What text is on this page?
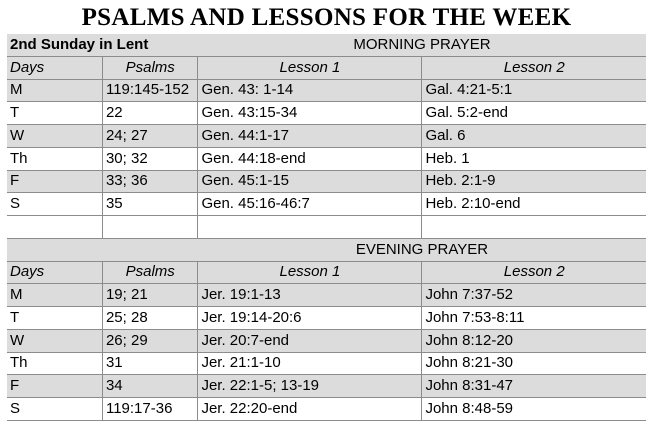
PSALMS AND LESSONS FOR THE WEEK
2nd Sunday in Lent		MORNING PRAYER	
Days	Psalms	Lesson 1	Lesson 2
M	119:145-152	Gen. 43: 1-14	Gal. 4:21-5:1
T	22	Gen. 43:15-34	Gal. 5:2-end
W	24; 27	Gen. 44:1-17	Gal. 6
Th	30; 32	Gen. 44:18-end	Heb. 1
F	33; 36	Gen. 45:1-15	Heb. 2:1-9
S	35	Gen. 45:16-46:7	Heb. 2:10-end

		EVENING PRAYER	
Days	Psalms	Lesson 1	Lesson 2
M	19; 21	Jer. 19:1-13	John 7:37-52
T	25; 28	Jer. 19:14-20:6	John 7:53-8:11
W	26; 29	Jer. 20:7-end	John 8:12-20
Th	31	Jer. 21:1-10	John 8:21-30
F	34	Jer. 22:1-5; 13-19	John 8:31-47
S	119:17-36	Jer. 22:20-end	John 8:48-59
